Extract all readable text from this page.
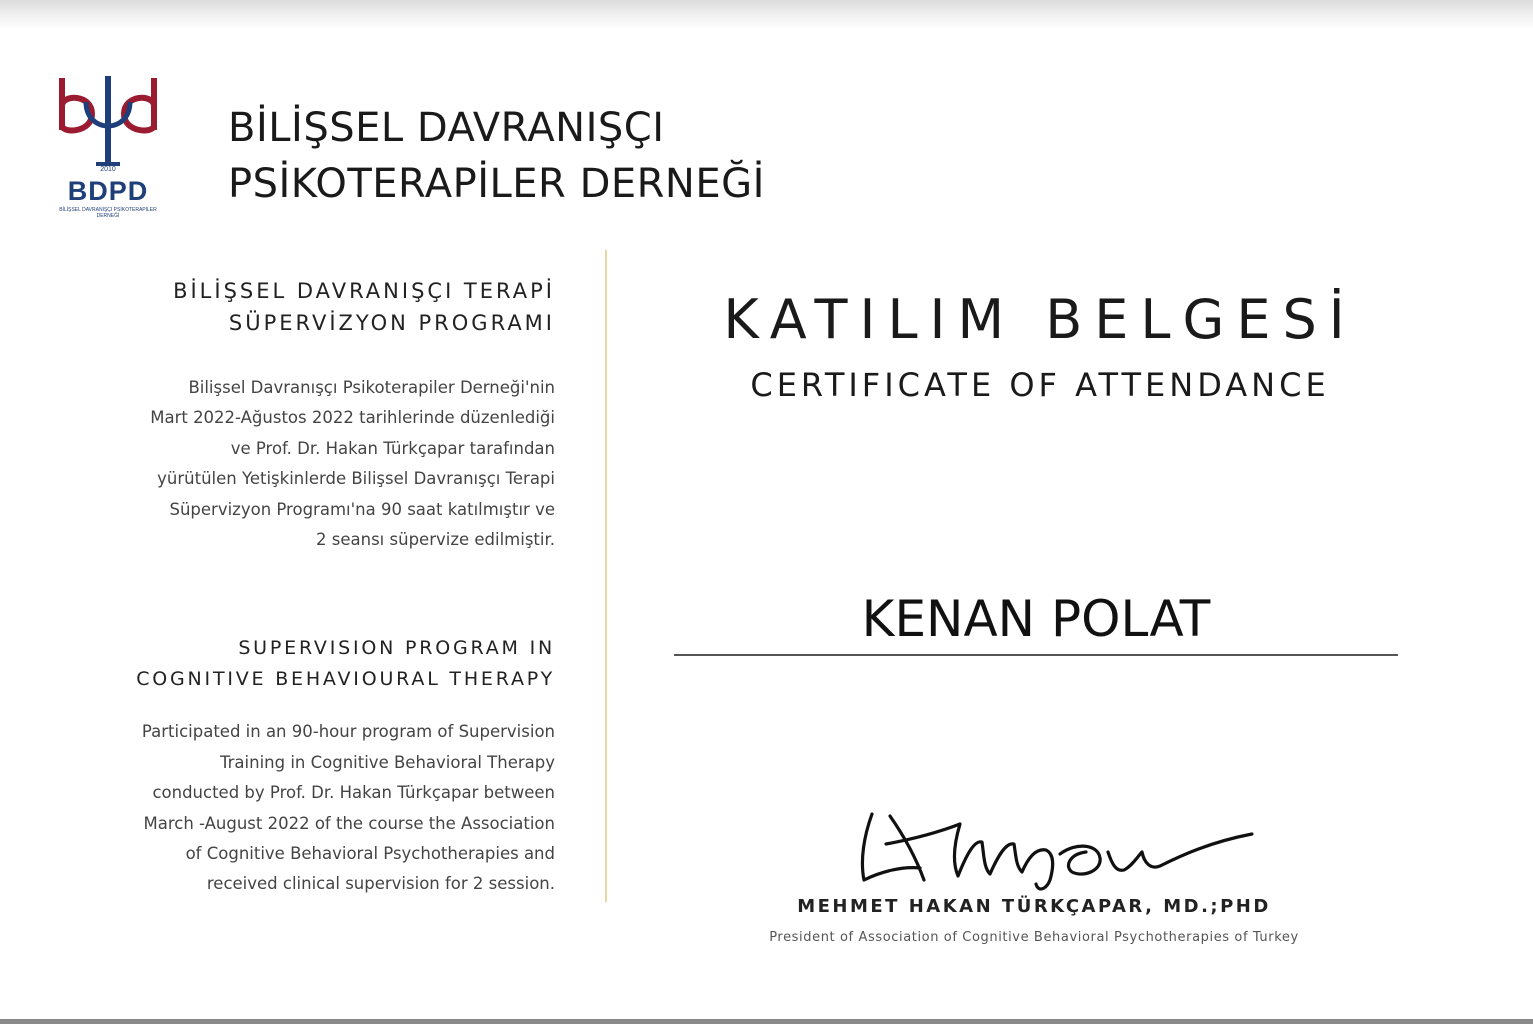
2010
BDPD
BİLİŞSEL DAVRANIŞÇI PSİKOTERAPİLER DERNEĞİ
BİLİŞSEL DAVRANIŞÇI
PSİKOTERAPİLER DERNEĞİ
BİLİŞSEL DAVRANIŞÇI TERAPİ
SÜPERVİZYON PROGRAMI
Bilişsel Davranışçı Psikoterapiler Derneği'nin
Mart 2022-Ağustos 2022 tarihlerinde düzenlediği
ve Prof. Dr. Hakan Türkçapar tarafından
yürütülen Yetişkinlerde Bilişsel Davranışçı Terapi
Süpervizyon Programı'na 90 saat katılmıştır ve
2 seansı süpervize edilmiştir.
SUPERVISION PROGRAM IN
COGNITIVE BEHAVIOURAL THERAPY
Participated in an 90-hour program of Supervision
Training in Cognitive Behavioral Therapy
conducted by Prof. Dr. Hakan Türkçapar between
March -August 2022 of the course the Association
of Cognitive Behavioral Psychotherapies and
received clinical supervision for 2 session.
KATILIM BELGESİ
CERTIFICATE OF ATTENDANCE
KENAN POLAT
MEHMET HAKAN TÜRKÇAPAR, MD.;PHD
President of Association of Cognitive Behavioral Psychotherapies of Turkey
